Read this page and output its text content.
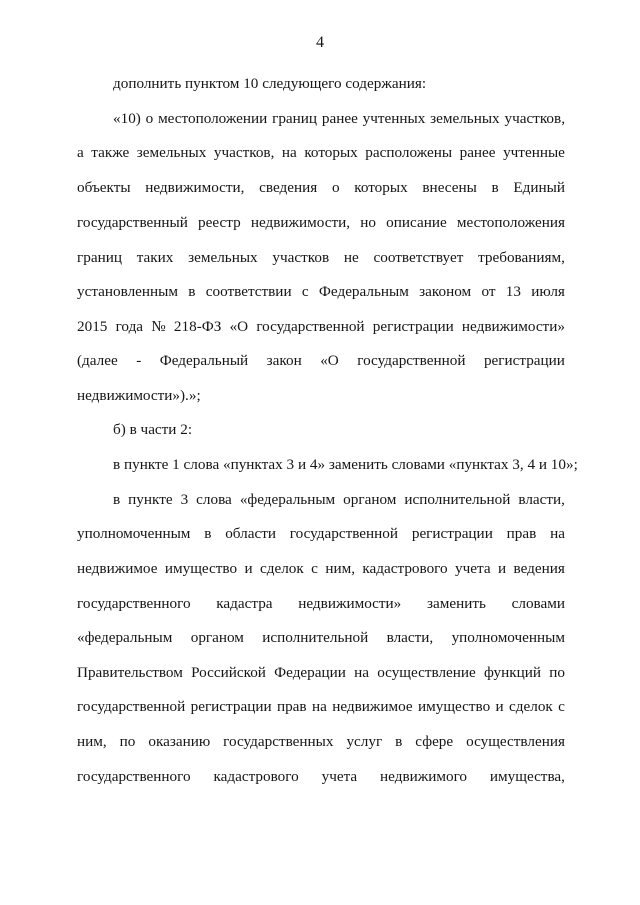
4
дополнить пунктом 10 следующего содержания:
«10) о местоположении границ ранее учтенных земельных участков,
а также земельных участков, на которых расположены ранее учтенные
объекты недвижимости, сведения о которых внесены в Единый
государственный реестр недвижимости, но описание местоположения
границ таких земельных участков не соответствует требованиям,
установленным в соответствии с Федеральным законом от 13 июля
2015 года № 218-ФЗ «О государственной регистрации недвижимости»
(далее - Федеральный закон «О государственной регистрации
недвижимости»).»;
б) в части 2:
в пункте 1 слова «пунктах 3 и 4» заменить словами «пунктах 3, 4 и 10»;
в пункте 3 слова «федеральным органом исполнительной власти,
уполномоченным в области государственной регистрации прав на
недвижимое имущество и сделок с ним, кадастрового учета и ведения
государственного кадастра недвижимости» заменить словами
«федеральным органом исполнительной власти, уполномоченным
Правительством Российской Федерации на осуществление функций по
государственной регистрации прав на недвижимое имущество и сделок с
ним, по оказанию государственных услуг в сфере осуществления
государственного кадастрового учета недвижимого имущества,
